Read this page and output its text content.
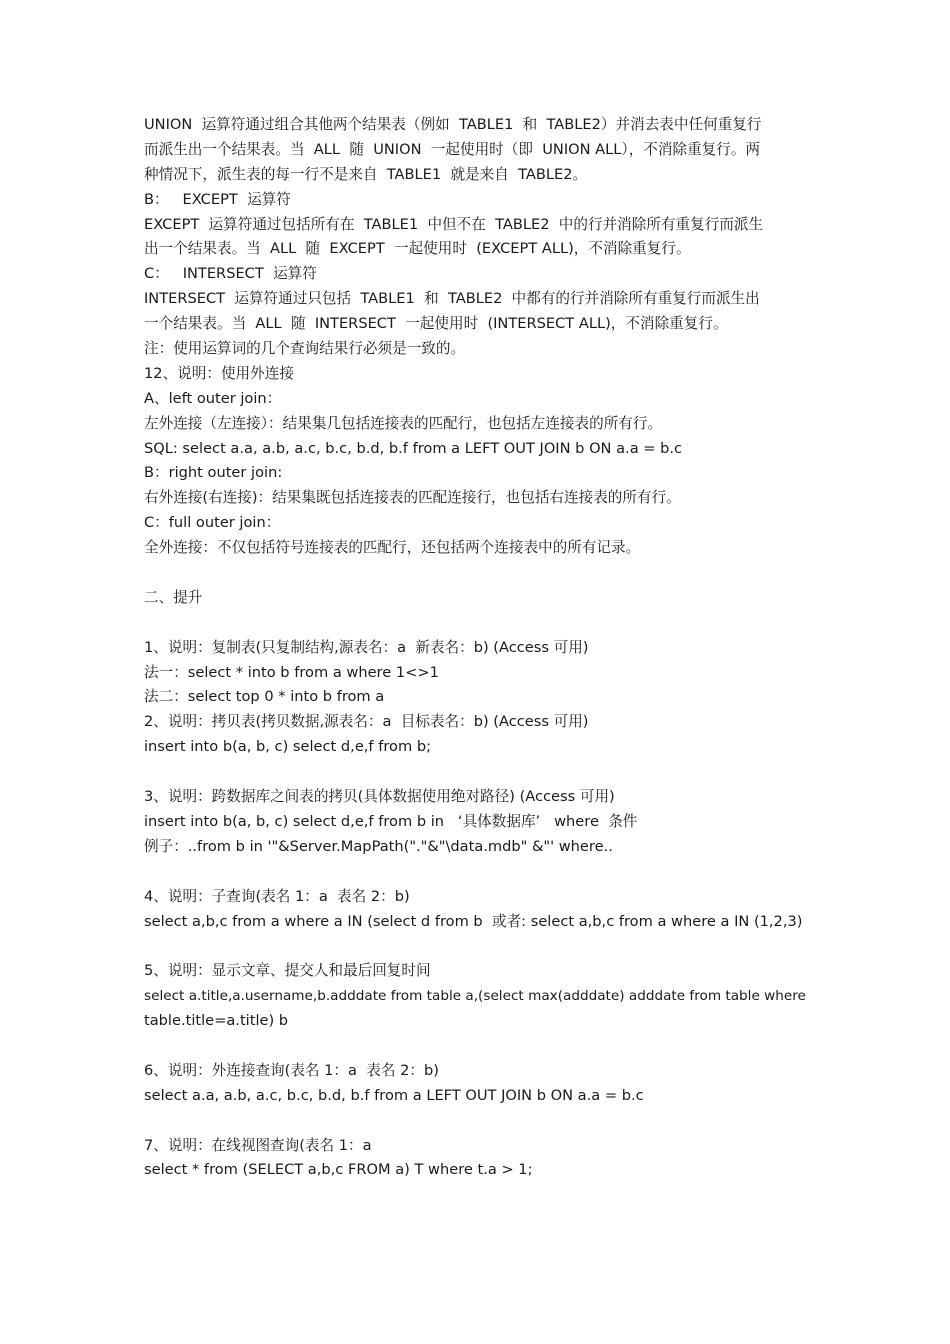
UNION  运算符通过组合其他两个结果表（例如  TABLE1  和  TABLE2）并消去表中任何重复行
而派生出一个结果表。当  ALL  随  UNION  一起使用时（即  UNION ALL），不消除重复行。两
种情况下，派生表的每一行不是来自  TABLE1  就是来自  TABLE2。
B：   EXCEPT  运算符
EXCEPT  运算符通过包括所有在  TABLE1  中但不在  TABLE2  中的行并消除所有重复行而派生
出一个结果表。当  ALL  随  EXCEPT  一起使用时  (EXCEPT ALL)，不消除重复行。
C：   INTERSECT  运算符
INTERSECT  运算符通过只包括  TABLE1  和  TABLE2  中都有的行并消除所有重复行而派生出
一个结果表。当  ALL  随  INTERSECT  一起使用时  (INTERSECT ALL)，不消除重复行。
注：使用运算词的几个查询结果行必须是一致的。
12、说明：使用外连接
A、left outer join：
左外连接（左连接）：结果集几包括连接表的匹配行，也包括左连接表的所有行。
SQL: select a.a, a.b, a.c, b.c, b.d, b.f from a LEFT OUT JOIN b ON a.a = b.c
B：right outer join:
右外连接(右连接)：结果集既包括连接表的匹配连接行，也包括右连接表的所有行。
C：full outer join：
全外连接：不仅包括符号连接表的匹配行，还包括两个连接表中的所有记录。
二、提升
1、说明：复制表(只复制结构,源表名：a  新表名：b) (Access 可用)
法一：select * into b from a where 1<>1
法二：select top 0 * into b from a
2、说明：拷贝表(拷贝数据,源表名：a  目标表名：b) (Access 可用)
insert into b(a, b, c) select d,e,f from b;
3、说明：跨数据库之间表的拷贝(具体数据使用绝对路径) (Access 可用)
insert into b(a, b, c) select d,e,f from b in   ‘具体数据库’   where  条件
例子：..from b in '"&Server.MapPath("."&"\data.mdb" &"' where..
4、说明：子查询(表名 1：a  表名 2：b)
select a,b,c from a where a IN (select d from b  或者: select a,b,c from a where a IN (1,2,3)
5、说明：显示文章、提交人和最后回复时间
select a.title,a.username,b.adddate from table a,(select max(adddate) adddate from table where
table.title=a.title) b
6、说明：外连接查询(表名 1：a  表名 2：b)
select a.a, a.b, a.c, b.c, b.d, b.f from a LEFT OUT JOIN b ON a.a = b.c
7、说明：在线视图查询(表名 1：a
select * from (SELECT a,b,c FROM a) T where t.a > 1;
